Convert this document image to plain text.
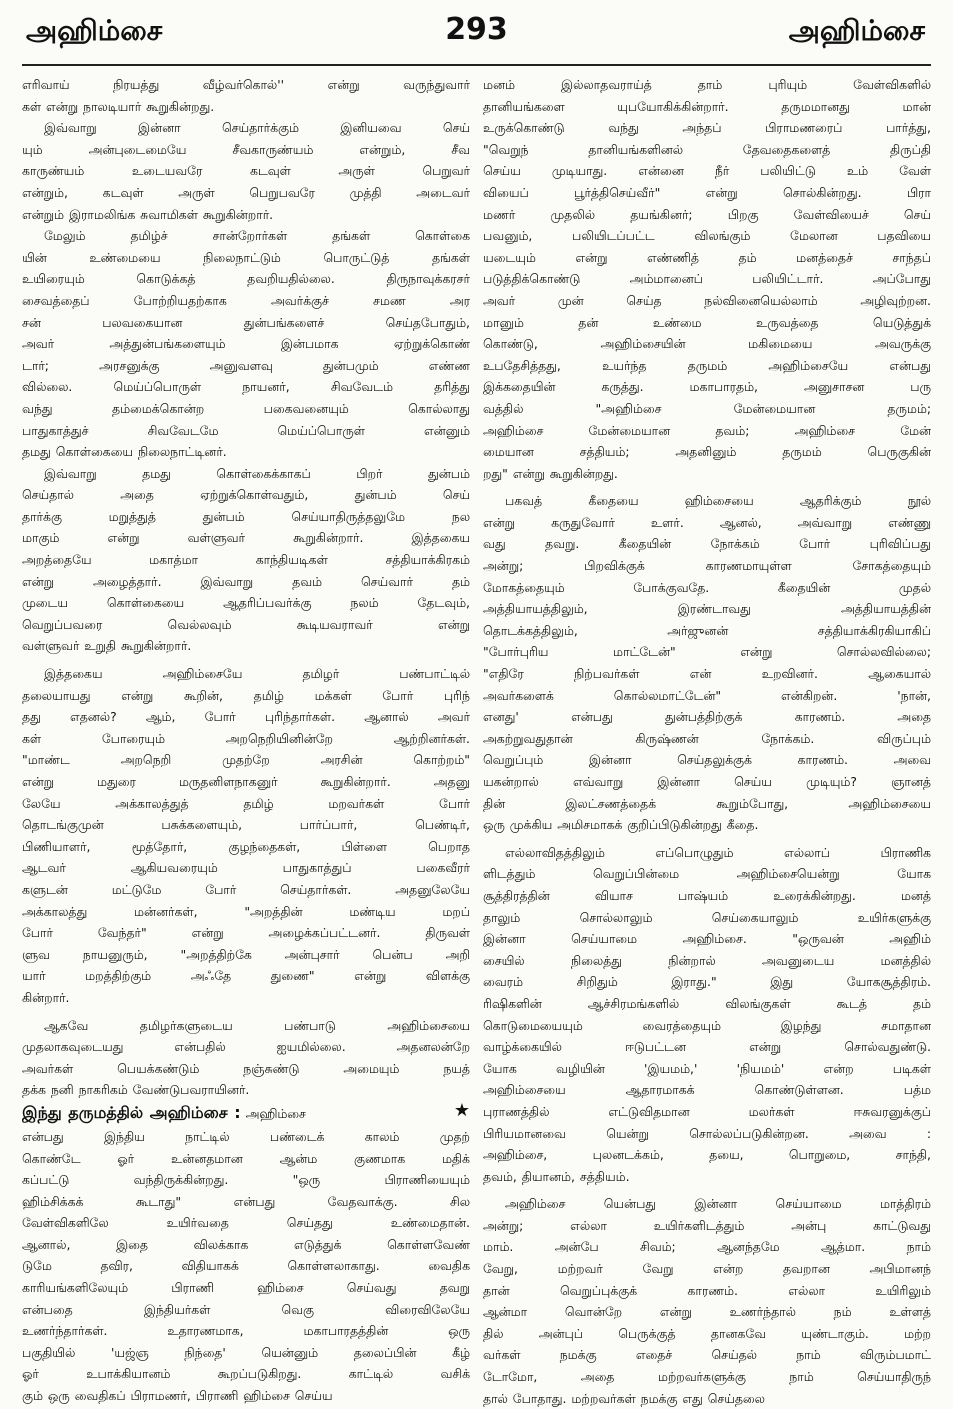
அஹிம்சை	293	அஹிம்சை
எரிவாய் நிரயத்து வீழ்வர்கொல்'' என்று வருந்துவார்
கள் என்று நாலடியார் கூறுகின்றது.
இவ்வாறு இன்னா செய்தார்க்கும் இனியவை செய்
யும் அன்புடைமையே சீவகாருண்யம் என்றும், சீவ
காருண்யம் உடையவரே கடவுள் அருள் பெறுவர்
என்றும், கடவுள் அருள் பெறுபவரே முத்தி அடைவர்
என்றும் இராமலிங்க சுவாமிகள் கூறுகின்றார்.
மேலும் தமிழ்ச் சான்றோர்கள் தங்கள் கொள்கை
யின் உண்மையை நிலைநாட்டும் பொருட்டுத் தங்கள்
உயிரையும் கொடுக்கத் தவறியதில்லை. திருநாவுக்கரசர்
சைவத்தைப் போற்றியதற்காக அவர்க்குச் சமண அர
சன் பலவகையான துன்பங்களைச் செய்தபோதும்,
அவர் அத்துன்பங்களையும் இன்பமாக ஏற்றுக்கொண்
டார்; அரசனுக்கு அனுவளவு துன்பமும் எண்ண
வில்லை. மெய்ப்பொருள் நாயனர், சிவவேடம் தரித்து
வந்து தம்மைக்கொன்ற பகைவனையும் கொல்லாது
பாதுகாத்துச் சிவவேடமே மெய்ப்பொருள் என்னும்
தமது கொள்கையை நிலைநாட்டினர்.
இவ்வாறு தமது கொள்கைக்காகப் பிறர் துன்பம்
செய்தால் அதை ஏற்றுக்கொள்வதும், துன்பம் செய்
தார்க்கு மறுத்துத் துன்பம் செய்யாதிருத்தலுமே நல
மாகும் என்று வள்ளுவர் கூறுகின்றார். இத்தகைய
அறத்தையே மகாத்மா காந்தியடிகள் சத்தியாக்கிரகம்
என்று அழைத்தார். இவ்வாறு தவம் செய்வார் தம்
முடைய கொள்கையை ஆதரிப்பவர்க்கு நலம் தேடவும்,
வெறுப்பவரை வெல்லவும் கூடியவராவர் என்று
வள்ளுவர் உறுதி கூறுகின்றார்.
இத்தகைய அஹிம்சையே தமிழர் பண்பாட்டில்
தலையாயது என்று கூறின், தமிழ் மக்கள் போர் புரிந்
தது எதனல்? ஆம், போர் புரிந்தார்கள். ஆனால் அவர்
கள் போரையும் அறநெறியினின்றே ஆற்றினர்கள்.
"மாண்ட அறநெறி முதற்றே அரசின் கொற்றம்"
என்று மதுரை மருதனிளநாகனுர் கூறுகின்றார். அதனு
லேயே அக்காலத்துத் தமிழ் மறவர்கள் போர்
தொடங்குமுன் பசுக்களையும், பார்ப்பார், பெண்டிர்,
பிணியாளர், மூத்தோர், குழந்தைகள், பிள்ளை பெறாத
ஆடவர் ஆகியவரையும் பாதுகாத்துப் பகைவீரர்
களுடன் மட்டுமே போர் செய்தார்கள். அதனுலேயே
அக்காலத்து மன்னர்கள், "அறத்தின் மண்டிய மறப்
போர் வேந்தர்" என்று அழைக்கப்பட்டனர். திருவள்
ளுவ நாயனுரும், "அறத்திற்கே அன்புசார் பென்ப அறி
யார் மறத்திற்கும் அஃதே துணை" என்று விளக்கு
கின்றார்.
ஆகவே தமிழர்களுடைய பண்பாடு அஹிம்சையை
முதலாகவுடையது என்பதில் ஐயமில்லை. அதனலன்றே
அவர்கள் பெயக்கண்டும் நஞ்சுண்டு அமையும் நயத்
தக்க நனி நாகரிகம் வேண்டுபவராயினர்.
இந்து தருமத்தில் அஹிம்சை : அஹிம்சை	★
என்பது இந்திய நாட்டில் பண்டைக் காலம் முதற்
கொண்டே ஓர் உன்னதமான ஆன்ம குணமாக மதிக்
கப்பட்டு வந்திருக்கின்றது. "ஒரு பிராணியையும்
ஹிம்சிக்கக் கூடாது" என்பது வேதவாக்கு. சில
வேள்விகளிலே உயிர்வதை செய்தது உண்மைதான்.
ஆனால், இதை விலக்காக எடுத்துக் கொள்ளவேண்
டுமே தவிர, விதியாகக் கொள்ளலாகாது. வைதிக
காரியங்களிலேயும் பிராணி ஹிம்சை செய்வது தவறு
என்பதை இந்தியர்கள் வெகு விரைவிலேயே
உணர்ந்தார்கள். உதாரணமாக, மகாபாரதத்தின் ஒரு
பகுதியில் 'யஜ்ஞ நிந்தை' யென்னும் தலைப்பின் கீழ்
ஓர் உபாக்கியானம் கூறப்படுகிறது. காட்டில் வசிக்
கும் ஒரு வைதிகப் பிராமணர், பிராணி ஹிம்சை செய்ய
மனம் இல்லாதவராய்த் தாம் புரியும் வேள்விகளில்
தானியங்களை யுபயோகிக்கின்றார். தருமமானது மான்
உருக்கொண்டு வந்து அந்தப் பிராமணரைப் பார்த்து,
"வெறுந் தானியங்களினல் தேவதைகளைத் திருப்தி
செய்ய முடியாது. என்னை நீர் பலியிட்டு உம் வேள்
வியைப் பூர்த்திசெய்வீர்" என்று சொல்கின்றது. பிரா
மணர் முதலில் தயங்கினர்; பிறகு வேள்வியைச் செய்
பவனும், பலியிடப்பட்ட விலங்கும் மேலான பதவியை
யடையும் என்று எண்ணித் தம் மனத்தைச் சாந்தப்
படுத்திக்கொண்டு அம்மானைப் பலியிட்டார். அப்போது
அவர் முன் செய்த நல்வினையெல்லாம் அழிவுற்றன.
மானும் தன் உண்மை உருவத்தை யெடுத்துக்
கொண்டு, அஹிம்சையின் மகிமையை அவருக்கு
உபதேசித்தது, உயர்ந்த தருமம் அஹிம்சையே என்பது
இக்கதையின் கருத்து. மகாபாரதம், அனுசாசன பரு
வத்தில் "அஹிம்சை மேன்மையான தருமம்;
அஹிம்சை மேன்மையான தவம்; அஹிம்சை மேன்
மையான சத்தியம்; அதனினும் தருமம் பெருகுகின்
றது" என்று கூறுகின்றது.
பகவத் கீதையை ஹிம்சையை ஆதரிக்கும் நூல்
என்று கருதுவோர் உளர். ஆனல், அவ்வாறு எண்ணு
வது தவறு. கீதையின் நோக்கம் போர் புரிவிப்பது
அன்று; பிறவிக்குக் காரணமாயுள்ள சோகத்தையும்
மோகத்தையும் போக்குவதே. கீதையின் முதல்
அத்தியாயத்திலும், இரண்டாவது அத்தியாயத்தின்
தொடக்கத்திலும், அர்ஜுனன் சத்தியாக்கிரகியாகிப்
"போர்புரிய மாட்டேன்" என்று சொல்லவில்லை;
"எதிரே நிற்பவர்கள் என் உறவினர். ஆகையால்
அவர்களைக் கொல்லமாட்டேன்" என்கிறன். 'நான்,
எனது' என்பது துன்பத்திற்குக் காரணம். அதை
அகற்றுவதுதான் கிருஷ்ணன் நோக்கம். விருப்பும்
வெறுப்பும் இன்னா செய்தலுக்குக் காரணம். அவை
யகன்றால் எவ்வாறு இன்னா செய்ய முடியும்? ஞானத்
தின் இலட்சணத்தைக் கூறும்போது, அஹிம்சையை
ஒரு முக்கிய அமிசமாகக் குறிப்பிடுகின்றது கீதை.
எல்லாவிதத்திலும் எப்பொழுதும் எல்லாப் பிராணிக
ளிடத்தும் வெறுப்பின்மை அஹிம்சையென்று யோக
சூத்திரத்தின் வியாச பாஷ்யம் உரைக்கின்றது. மனத்
தாலும் சொல்லாலும் செய்கையாலும் உயிர்களுக்கு
இன்னா செய்யாமை அஹிம்சை. "ஒருவன் அஹிம்
சையில் நிலைத்து நின்றால் அவனுடைய மனத்தில்
வைரம் சிறிதும் இராது." இது யோகசூத்திரம்.
ரிஷிகளின் ஆச்சிரமங்களில் விலங்குகள் கூடத் தம்
கொடுமையையும் வைரத்தையும் இழந்து சமாதான
வாழ்க்கையில் ஈடுபட்டன என்று சொல்வதுண்டு.
யோக வழியின் 'இயமம்,' 'நியமம்' என்ற படிகள்
அஹிம்சையை ஆதாரமாகக் கொண்டுள்ளன. பத்ம
புராணத்தில் எட்டுவிதமான மலர்கள் ஈசுவரனுக்குப்
பிரியமானவை யென்று சொல்லப்படுகின்றன. அவை :
அஹிம்சை, புலனடக்கம், தயை, பொறுமை, சாந்தி,
தவம், தியானம், சத்தியம்.
அஹிம்சை யென்பது இன்னா செய்யாமை மாத்திரம்
அன்று; எல்லா உயிர்களிடத்தும் அன்பு காட்டுவது
மாம். அன்பே சிவம்; ஆனந்தமே ஆத்மா. நாம்
வேறு, மற்றவர் வேறு என்ற தவறான அபிமானந்
தான் வெறுப்புக்குக் காரணம். எல்லா உயிரிலும்
ஆன்மா வொன்றே என்று உணர்ந்தால் நம் உள்ளத்
தில் அன்புப் பெருக்குத் தானகவே யுண்டாகும். மற்ற
வர்கள் நமக்கு எதைச் செய்தல் நாம் விரும்பமாட்
டோமோ, அதை மற்றவர்களுக்கு நாம் செய்யாதிருந்
தால் போதாது. மற்றவர்கள் நமக்கு எது செய்தலை
